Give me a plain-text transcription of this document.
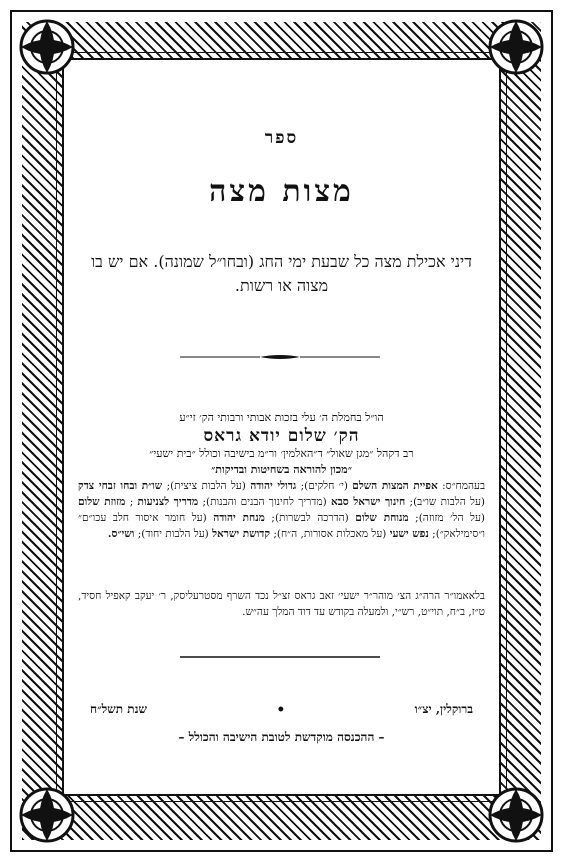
ספר
מצות מצה
דיני אכילת מצה כל שבעת ימי החג (ובחו״ל שמונה). אם יש בו מצוה או רשות.
הו״ל בחמלת ה׳ עלי בזכות אבותי ורבותי הק׳ זי״ע
הק׳ שלום יודא גראס
רב דקהל ״מגן שאול״ ד״האלמין׳ ור״מ בישיבה וכולל ״בית ישעי״
״מכון להוראה בשחיטות ובדיקות״
בעהמח״ס: אפיית המצות השלם (י׳ חלקים); גדולי יהודה (על הלבות ציצית); שו״ת ובחו זבחי צדק (על הלבות שו״ב); חינוך ישראל סבא (מדריך לחינוך הבנים והבנות); מדריך לצניעות ; מזוזת שלום (על הל׳ מזוזה); מנוחת שלום (הדרכה לבשרות); מנחת יהודה (על חומר איסור חלב עכו״ם״ ו״סימילאק״); נפש ישעי (על מאכלות אסורות, ה״ח); קדושת ישראל (על הלבות יחוד); ושי״ס.
בלאאמו״ר הרה״ג הצ׳ מוהר״ר ישעי׳ זאב גראס זצ״ל נכד השרף מסטרעליסק, ר׳ יעקב קאפיל חסיד, ט״ז, ב״ח, תוי״ט, רש״י, ולמעלה בקודש עד דוד המלך עה״ש.
ברוקלין, יצ״ו
•
שנת תשל״ח
– ההכנסה מוקדשת לטובת הישיבה והכולל –
